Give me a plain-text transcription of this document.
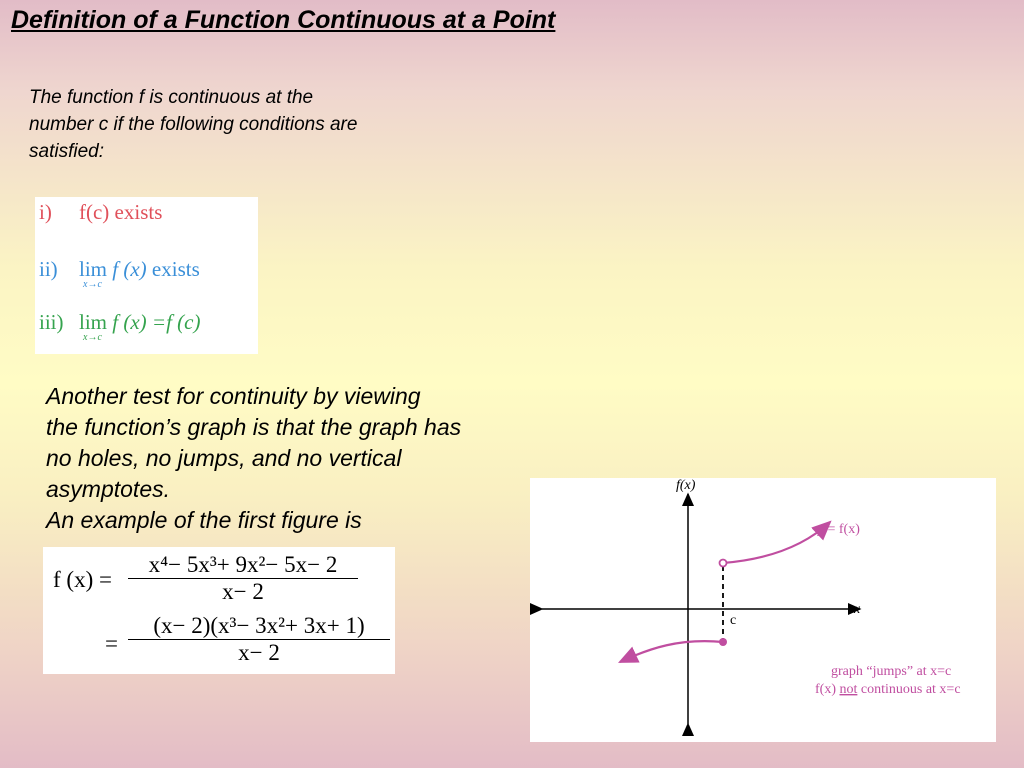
Definition of a Function Continuous at a Point
The function f is continuous at the
number c if the following conditions are
satisfied:
i) f(c) exists
ii) lim
x→c
f (x) exists
iii) lim
x→c
f (x) =f (c)
Another test for continuity by viewing
the function’s graph is that the graph has
no holes, no jumps, and no vertical
asymptotes.
An example of the first figure is
f $(x) = \frac{\text{x⁴− 5x³+ 9x²− 5x− 2}}{x- 2}$
= $\frac{\text{(x− 2)(x³− 3x²+ 3x+ 1)}}{x- 2}$
f(x)
x
c
y = f(x)
graph “jumps” at x=c
f(x) not continuous at x=c
